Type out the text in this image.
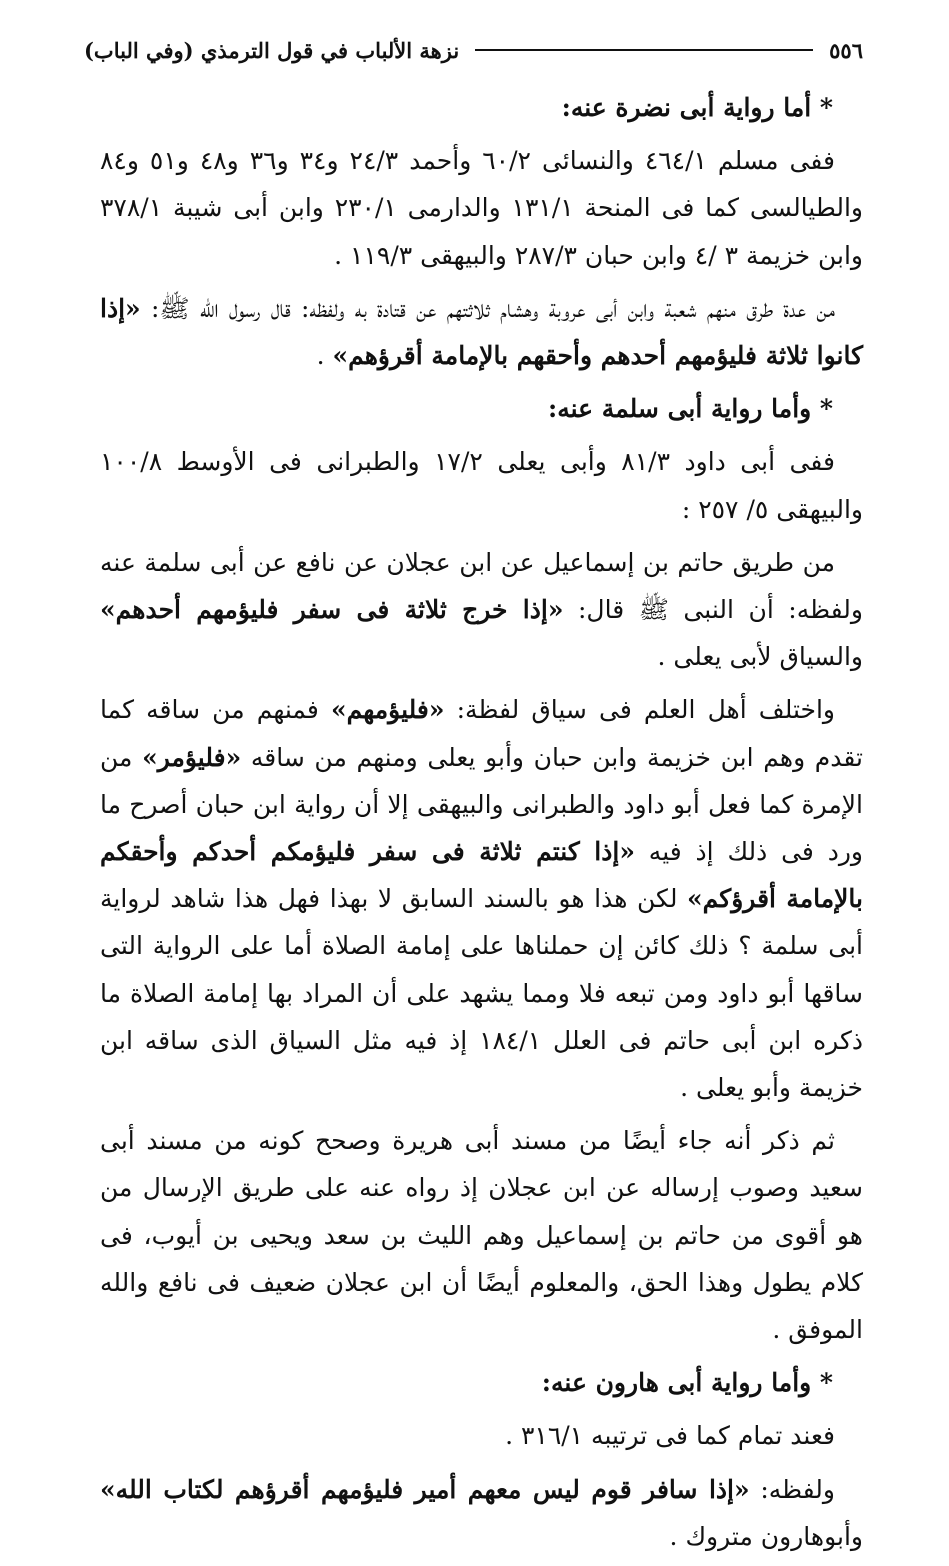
٥٥٦
نزهة الألباب في قول الترمذي (وفي الباب)

* أما رواية أبى نضرة عنه:

ففى مسلم ٤٦٤/١ والنسائى ٦٠/٢ وأحمد ٢٤/٣ و٣٤ و٣٦ و٤٨ و٥١ و٨٤ والطيالسى كما فى المنحة ١٣١/١ والدارمى ٢٣٠/١ وابن أبى شيبة ٣٧٨/١ وابن خزيمة ٣ /٤ وابن حبان ٢٨٧/٣ والبيهقى ١١٩/٣ .

من عدة طرق منهم شعبة وابن أبى عروبة وهشام ثلاثتهم عن قتادة به ولفظه: قال رسول الله ﷺ: «إذا كانوا ثلاثة فليؤمهم أحدهم وأحقهم بالإمامة أقرؤهم» .

* وأما رواية أبى سلمة عنه:

ففى أبى داود ٨١/٣ وأبى يعلى ١٧/٢ والطبرانى فى الأوسط ١٠٠/٨ والبيهقى ٥/ ٢٥٧ :

من طريق حاتم بن إسماعيل عن ابن عجلان عن نافع عن أبى سلمة عنه ولفظه: أن النبى ﷺ قال: «إذا خرج ثلاثة فى سفر فليؤمهم أحدهم» والسياق لأبى يعلى .

واختلف أهل العلم فى سياق لفظة: «فليؤمهم» فمنهم من ساقه كما تقدم وهم ابن خزيمة وابن حبان وأبو يعلى ومنهم من ساقه «فليؤمر» من الإمرة كما فعل أبو داود والطبرانى والبيهقى إلا أن رواية ابن حبان أصرح ما ورد فى ذلك إذ فيه «إذا كنتم ثلاثة فى سفر فليؤمكم أحدكم وأحقكم بالإمامة أقرؤكم» لكن هذا هو بالسند السابق لا بهذا فهل هذا شاهد لرواية أبى سلمة ؟ ذلك كائن إن حملناها على إمامة الصلاة أما على الرواية التى ساقها أبو داود ومن تبعه فلا ومما يشهد على أن المراد بها إمامة الصلاة ما ذكره ابن أبى حاتم فى العلل ١٨٤/١ إذ فيه مثل السياق الذى ساقه ابن خزيمة وأبو يعلى .

ثم ذكر أنه جاء أيضًا من مسند أبى هريرة وصحح كونه من مسند أبى سعيد وصوب إرساله عن ابن عجلان إذ رواه عنه على طريق الإرسال من هو أقوى من حاتم بن إسماعيل وهم الليث بن سعد ويحيى بن أيوب، فى كلام يطول وهذا الحق، والمعلوم أيضًا أن ابن عجلان ضعيف فى نافع والله الموفق .

* وأما رواية أبى هارون عنه:

فعند تمام كما فى ترتيبه ٣١٦/١ .

ولفظه: «إذا سافر قوم ليس معهم أمير فليؤمهم أقرؤهم لكتاب الله» وأبوهارون متروك .
